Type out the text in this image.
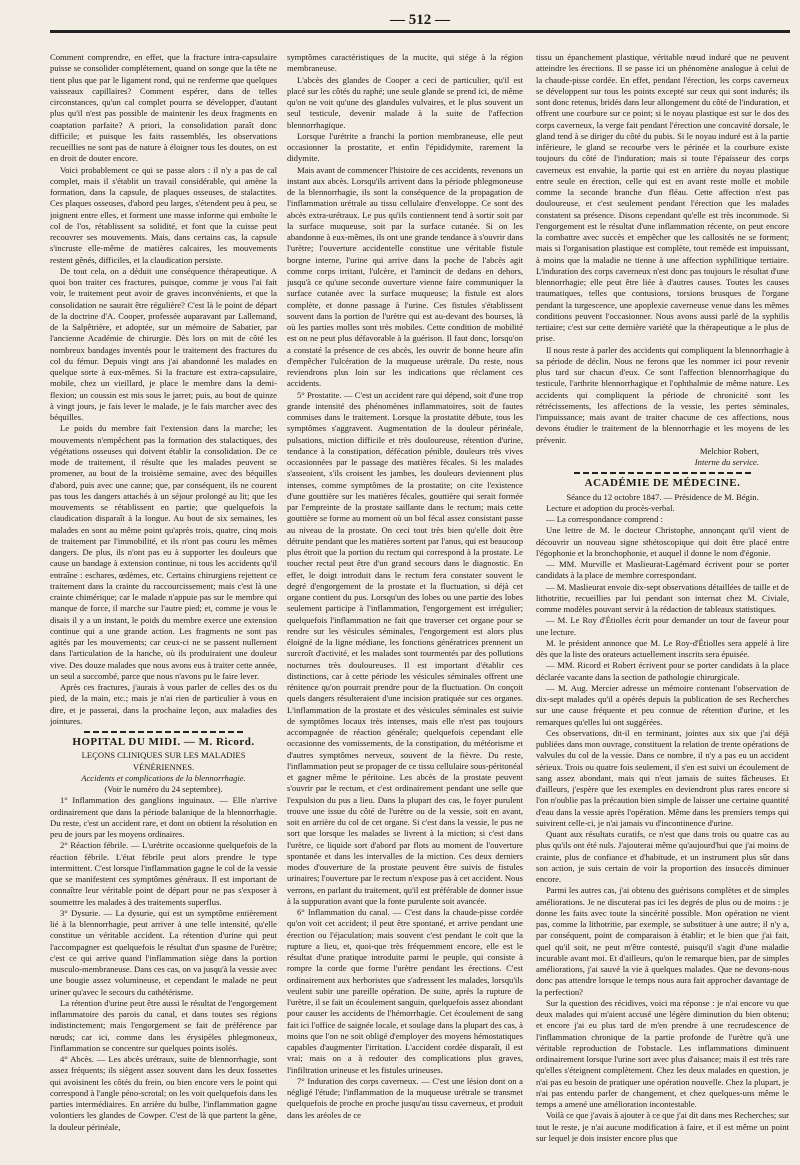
— 512 —

Comment comprendre, en effet, que la fracture intra-capsulaire puisse se consolider complétement, quand on songe que la tête ne tient plus que par le ligament rond, qui ne renferme que quelques vaisseaux capillaires? Comment espérer, dans de telles circonstances, qu'un cal complet pourra se développer, d'autant plus qu'il n'est pas possible de maintenir les deux fragments en coaptation parfaite? A priori, la consolidation paraît donc difficile; et puisque les faits rassemblés, les observations recueillies ne sont pas de nature à éloigner tous les doutes, on est en droit de douter encore.

Voici probablement ce qui se passe alors : il n'y a pas de cal complet, mais il s'établit un travail considérable, qui amène la formation, dans la capsule, de plaques osseuses, de stalactites. Ces plaques osseuses, d'abord peu larges, s'étendent peu à peu, se joignent entre elles, et forment une masse informe qui emboîte le col de l'os, rétablissent sa solidité, et font que la cuisse peut recouvrer ses mouvements. Mais, dans certains cas, la capsule s'incruste elle-même de matières calcaires, les mouvements restent gênés, difficiles, et la claudication persiste.

De tout cela, on a déduit une conséquence thérapeutique. A quoi bon traiter ces fractures, puisque, comme je vous l'ai fait voir, le traitement peut avoir de graves inconvénients, et que la consolidation ne saurait être régulière? C'est là le point de départ de la doctrine d'A. Cooper, professée auparavant par Lallemand, de la Salpêtrière, et adoptée, sur un mémoire de Sabatier, par l'ancienne Académie de chirurgie. Dès lors on mit de côté les nombreux bandages inventés pour le traitement des fractures du col du fémur. Depuis vingt ans j'ai abandonné les malades en quelque sorte à eux-mêmes. Si la fracture est extra-capsulaire, mobile, chez un vieillard, je place le membre dans la demi-flexion; un coussin est mis sous le jarret; puis, au bout de quinze à vingt jours, je fais lever le malade, je le fais marcher avec des béquilles.

Le poids du membre fait l'extension dans la marche; les mouvements n'empêchent pas la formation des stalactiques, des végétations osseuses qui doivent établir la consolidation. De ce mode de traitement, il résulte que les malades peuvent se promener, au bout de la troisième semaine, avec des béquilles d'abord, puis avec une canne; que, par conséquent, ils ne courent pas tous les dangers attachés à un séjour prolongé au lit; que les mouvements se rétablissent en partie; que quelquefois la claudication disparaît à la longue. Au bout de six semaines, les malades en sont au même point qu'après trois, quatre, cinq mois de traitement par l'immobilité, et ils n'ont pas couru les mêmes dangers. De plus, ils n'ont pas eu à supporter les douleurs que cause un bandage à extension continue, ni tous les accidents qu'il entraîne : eschares, œdèmes, etc. Certains chirurgiens rejettent ce traitement dans la crainte du raccourcissement; mais c'est là une crainte chimérique; car le malade n'appuie pas sur le membre qui manque de force, il marche sur l'autre pied; et, comme je vous le disais il y a un instant, le poids du membre exerce une extension continue qui a une grande action. Les fragments ne sont pas agités par les mouvements; car ceux-ci ne se passent nullement dans l'articulation de la hanche, où ils produiraient une douleur vive. Des douze malades que nous avons eus à traiter cette année, un seul a succombé, parce que nous n'avons pu le faire lever.

Après ces fractures, j'aurais à vous parler de celles des os du pied, de la main, etc.; mais je n'ai rien de particulier à vous en dire, et je passerai, dans la prochaine leçon, aux maladies des jointures.

HOPITAL DU MIDI. — M. Ricord.
LEÇONS CLINIQUES SUR LES MALADIES VÉNÉRIENNES.
Accidents et complications de la blennorrhagie.
(Voir le numéro du 24 septembre).

1° Inflammation des ganglions inguinaux. — Elle n'arrive ordinairement que dans la période balanique de la blennorrhagie. Du reste, c'est un accident rare, et dont on obtient la résolution en peu de jours par les moyens ordinaires.

2° Réaction fébrile. — L'urétrite occasionne quelquefois de la réaction fébrile. L'état fébrile peut alors prendre le type intermittent. C'est lorsque l'inflammation gagne le col de la vessie que se manifestent ces symptômes généraux. Il est important de connaître leur véritable point de départ pour ne pas s'exposer à soumettre les malades à des traitements superflus.

3° Dysurie. — La dysurie, qui est un symptôme entièrement lié à la blennorrhagie, peut arriver à une telle intensité, qu'elle constitue un véritable accident. La rétention d'urine qui peut l'accompagner est quelquefois le résultat d'un spasme de l'urètre; c'est ce qui arrive quand l'inflammation siège dans la portion musculo-membraneuse. Dans ces cas, on va jusqu'à la vessie avec une bougie assez volumineuse, et cependant le malade ne peut uriner qu'avec le secours du cathétérisme.

La rétention d'urine peut être aussi le résultat de l'engorgement inflammatoire des parois du canal, et dans toutes ses régions indistinctement; mais l'engorgement se fait de préférence par nœuds; car ici, comme dans les érysipèles phlegmoneux, l'inflammation se concentre sur quelques points isolés.

4° Abcès. — Les abcès urétraux, suite de blennorrhagie, sont assez fréquents; ils siègent assez souvent dans les deux fossettes qui avoisinent les côtés du frein, ou bien encore vers le point qui correspond à l'angle péno-scrotal; on les voit quelquefois dans les parties intermédiaires. En arrière du bulbe, l'inflammation gagne volontiers les glandes de Cowper. C'est de là que partent la gêne, la douleur périnéale,

symptômes caractéristiques de la mucite, qui siége à la région membraneuse.

L'abcès des glandes de Cooper a ceci de particulier, qu'il est placé sur les côtés du raphé; une seule glande se prend ici, de même qu'on ne voit qu'une des glandules vulvaires, et le plus souvent un seul testicule, devenir malade à la suite de l'affection blennorrhagique.

Lorsque l'urétrite a franchi la portion membraneuse, elle peut occasionner la prostatite, et enfin l'épididymite, rarement la didymite.

Mais avant de commencer l'histoire de ces accidents, revenons un instant aux abcès. Lorsqu'ils arrivent dans la période phlegmoneuse de la blennorrhagie, ils sont la conséquence de la propagation de l'inflammation urétrale au tissu cellulaire d'enveloppe. Ce sont des abcès extra-urétraux. Le pus qu'ils contiennent tend à sortir soit par la surface muqueuse, soit par la surface cutanée. Si on les abandonne à eux-mêmes, ils ont une grande tendance à s'ouvrir dans l'urètre; l'ouverture accidentelle constitue une véritable fistule borgne interne, l'urine qui arrive dans la poche de l'abcès agit comme corps irritant, l'ulcère, et l'amincit de dedans en dehors, jusqu'à ce qu'une seconde ouverture vienne faire communiquer la surface cutanée avec la surface muqueuse; la fistule est alors complète, et donne passage à l'urine. Ces fistules s'établissent souvent dans la portion de l'urètre qui est au-devant des bourses, là où les parties molles sont très mobiles. Cette condition de mobilité est on ne peut plus défavorable à la guérison. Il faut donc, lorsqu'on a constaté la présence de ces abcès, les ouvrir de bonne heure afin d'empêcher l'ulcération de la muqueuse urétrale. Du reste, nous reviendrons plus loin sur les indications que réclament ces accidents.

5° Prostatite. — C'est un accident rare qui dépend, soit d'une trop grande intensité des phénomènes inflammatoires, soit de fautes commises dans le traitement. Lorsque la prostatite débute, tous les symptômes s'aggravent. Augmentation de la douleur périnéale, pulsations, miction difficile et très douloureuse, rétention d'urine, tendance à la constipation, défécation pénible, douleurs très vives occasionnées par le passage des matières fécales. Si les malades s'asseoient, s'ils croisent les jambes, les douleurs deviennent plus intenses, comme symptômes de la prostatite; on cite l'existence d'une gouttière sur les matières fécales, gouttière qui serait formée par l'empreinte de la prostate saillante dans le rectum; mais cette gouttière se forme au moment où un bol fécal assez consistant passe au niveau de la prostate. On ceci tout très bien qu'elle doit être détruite pendant que les matières sortent par l'anus, qui est beaucoup plus étroit que la portion du rectum qui correspond à la prostate. Le toucher rectal peut être d'un grand secours dans le diagnostic. En effet, le doigt introduit dans le rectum fera constater souvent le degré d'engorgement de la prostate et la fluctuation, si déjà cet organe contient du pus. Lorsqu'un des lobes ou une partie des lobes seulement participe à l'inflammation, l'engorgement est irrégulier; quelquefois l'inflammation ne fait que traverser cet organe pour se rendre sur les vésicules séminales, l'engorgement est alors plus éloigné de la ligne médiane, les fonctions génératrices prennent un surcroît d'activité, et les malades sont tourmentés par des pollutions nocturnes très douloureuses. Il est important d'établir ces distinctions, car à cette période les vésicules séminales offrent une rénitence qu'on pourrait prendre pour de la fluctuation. On conçoit quels dangers résulteraient d'une incision pratiquée sur ces organes. L'inflammation de la prostate et des vésicules séminales est suivie de symptômes locaux très intenses, mais elle n'est pas toujours accompagnée de réaction générale; quelquefois cependant elle occasionne des vomissements, de la constipation, du météorisme et d'autres symptômes nerveux, souvent de la fièvre. Du reste, l'inflammation peut se propager de ce tissu cellulaire sous-péritonéal et gagner même le péritoine. Les abcès de la prostate peuvent s'ouvrir par le rectum, et c'est ordinairement pendant une selle que l'expulsion du pus a lieu. Dans la plupart des cas, le foyer purulent trouve une issue du côté de l'urètre ou de la vessie, soit en avant, soit en arrière du col de cet organe. Si c'est dans la vessie, le pus ne sort que lorsque les malades se livrent à la miction; si c'est dans l'urètre, ce liquide sort d'abord par flots au moment de l'ouverture spontanée et dans les intervalles de la miction. Ces deux derniers modes d'ouverture de la prostate peuvent être suivis de fistules urinaires; l'ouverture par le rectum n'expose pas à cet accident. Nous verrons, en parlant du traitement, qu'il est préférable de donner issue à la suppuration avant que la fonte purulente soit avancée.

6° Inflammation du canal. — C'est dans la chaude-pisse cordée qu'on voit cet accident; il peut être spontané, et arrive pendant une érection ou l'éjaculation; mais souvent c'est pendant le coït que la rupture a lieu, et, quoi-que très fréquemment encore, elle est le résultat d'une pratique introduite parmi le peuple, qui consiste à rompre la corde que forme l'urètre pendant les érections. C'est ordinairement aux herboristes que s'adressent les malades, lorsqu'ils veulent subir une pareille opération. De suite, après la rupture de l'urètre, il se fait un écoulement sanguin, quelquefois assez abondant pour causer les accidents de l'hémorrhagie. Cet écoulement de sang fait ici l'office de saignée locale, et soulage dans la plupart des cas, à moins que l'on ne soit obligé d'employer des moyens hémostatiques capables d'augmenter l'irritation. L'accident cordée disparaît, il est vrai; mais on a à redouter des complications plus graves, l'infiltration urineuse et les fistules urineuses.

7° Induration des corps caverneux. — C'est une lésion dont on a négligé l'étude; l'inflammation de la muqueuse urétrale se transmet quelquefois de proche en proche jusqu'au tissu caverneux, et produit dans les aréoles de ce

tissu un épanchement plastique, véritable nœud induré que ne peuvent atteindre les érections. Il se passe ici un phénomène analogue à celui de la chaude-pisse cordée. En effet, pendant l'érection, les corps caverneux se développent sur tous les points excepté sur ceux qui sont indurés; ils sont donc retenus, bridés dans leur allongement du côté de l'induration, et offrent une courbure sur ce point; si le noyau plastique est sur le dos des corps caverneux, la verge fait pendant l'érection une concavité dorsale, le gland tend à se diriger du côté du pubis. Si le noyau induré est à la partie inférieure, le gland se recourbe vers le périnée et la courbure existe toujours du côté de l'induration; mais si toute l'épaisseur des corps caverneux est envahie, la partie qui est en arrière du noyau plastique entre seule en érection, celle qui est en avant reste molle et mobile comme la seconde branche d'un fléau. Cette affection n'est pas douloureuse, et c'est seulement pendant l'érection que les malades constatent sa présence. Disons cependant qu'elle est très incommode. Si l'engorgement est le résultat d'une inflammation récente, on peut encore la combattre avec succès et empêcher que les callosités ne se forment; mais si l'organisation plastique est complète, tout remède est impuissant, à moins que la maladie ne tienne à une affection syphilitique tertiaire. L'induration des corps caverneux n'est donc pas toujours le résultat d'une blennorrhagie; elle peut être liée à d'autres causes. Toutes les causes traumatiques, telles que contusions, torsions brusques de l'organe pendant la turgescence, une apoplexie caverneuse venue dans les mêmes conditions peuvent l'occasionner. Nous avons aussi parlé de la syphilis tertiaire; c'est sur cette dernière variété que la thérapeutique a le plus de prise.

Il nous reste à parler des accidents qui compliquent la blennorrhagie à sa période de déclin. Nous ne ferons que les nommer ici pour revenir plus tard sur chacun d'eux. Ce sont l'affection blennorrhagique du testicule, l'arthrite blennorrhagique et l'ophthalmie de même nature. Les accidents qui compliquent la période de chronicité sont les rétrécissements, les affections de la vessie, les pertes séminales, l'impuissance; mais avant de traiter chacune de ces affections, nous devons étudier le traitement de la blennorrhagie et les moyens de les prévenir.

Melchior Robert,
Interne du service.
ACADÉMIE DE MÉDECINE.
Séance du 12 octobre 1847. — Présidence de M. Bégin.

Lecture et adoption du procès-verbal.

— La correspondance comprend :

Une lettre de M. le docteur Christophe, annonçant qu'il vient de découvrir un nouveau signe sthétoscopique qui doit être placé entre l'égophonie et la bronchophonie, et auquel il donne le nom d'égonie.

— MM. Murville et Maslieurat-Lagémard écrivent pour se porter candidats à la place de membre correspondant.

— M. Maslieurat envoie dix-sept observations détaillées de taille et de lithotritie, recueillies par lui pendant son internat chez M. Civiale, comme modèles pouvant servir à la rédaction de tableaux statistiques.

— M. Le Roy d'Étiolles écrit pour demander un tour de faveur pour une lecture.

M. le président annonce que M. Le Roy-d'Étiolles sera appelé à lire dès que la liste des orateurs actuellement inscrits sera épuisée.

— MM. Ricord et Robert écrivent pour se porter candidats à la place déclarée vacante dans la section de pathologie chirurgicale.

— M. Aug. Mercier adresse un mémoire contenant l'observation de dix-sept malades qu'il a opérés depuis la publication de ses Recherches sur une cause fréquente et peu connue de rétention d'urine, et les remarques qu'elles lui ont suggérées.

Ces observations, dit-il en terminant, jointes aux six que j'ai déjà publiées dans mon ouvrage, constituent la relation de trente opérations de valvules du col de la vessie. Dans ce nombre, il n'y a pas eu un accident sérieux. Trois ou quatre fois seulement, il s'en est suivi un écoulement de sang assez abondant, mais qui n'eut jamais de suites fâcheuses. Et d'ailleurs, j'espère que les exemples en deviendront plus rares encore si l'on n'oublie pas la précaution bien simple de laisser une certaine quantité d'eau dans la vessie après l'opération. Même dans les premiers temps qui suivirent celle-ci, je n'ai jamais vu d'incontinence d'urine.

Quant aux résultats curatifs, ce n'est que dans trois ou quatre cas au plus qu'ils ont été nuls. J'ajouterai même qu'aujourd'hui que j'ai moins de crainte, plus de confiance et d'habitude, et un instrument plus sûr dans son action, je suis certain de voir la proportion des insuccès diminuer encore.

Parmi les autres cas, j'ai obtenu des guérisons complètes et de simples améliorations. Je ne discuterai pas ici les degrés de plus ou de moins : je donne les faits avec toute la sincérité possible. Mon opération ne vient pas, comme la lithotritie, par exemple, se substituer à une autre; il n'y a, par conséquent, point de comparaison à établir; et le bien que j'ai fait, quel qu'il soit, ne peut m'être contesté, puisqu'il s'agit d'une maladie incurable avant moi. Et d'ailleurs, qu'on le remarque bien, par de simples améliorations, j'ai sauvé la vie à quelques malades. Que ne devons-nous donc pas attendre lorsque le temps nous aura fait approcher davantage de la perfection?

Sur la question des récidives, voici ma réponse : je n'ai encore vu que deux malades qui m'aient accusé une légère diminution du bien obtenu; et encore j'ai eu plus tard de m'en prendre à une recrudescence de l'inflammation chronique de la partie profonde de l'urètre qu'à une véritable reproduction de l'obstacle. Les inflammations diminuent ordinairement lorsque l'urine sort avec plus d'aisance; mais il est très rare qu'elles s'éteignent complètement. Chez les deux malades en question, je n'ai pas eu besoin de pratiquer une opération nouvelle. Chez la plupart, je n'ai pas entendu parler de changement, et chez quelques-uns même le temps a amené une amélioration incontestable.

Voilà ce que j'avais à ajouter à ce que j'ai dit dans mes Recherches; sur tout le reste, je n'ai aucune modification à faire, et il est même un point sur lequel je dois insister encore plus que
